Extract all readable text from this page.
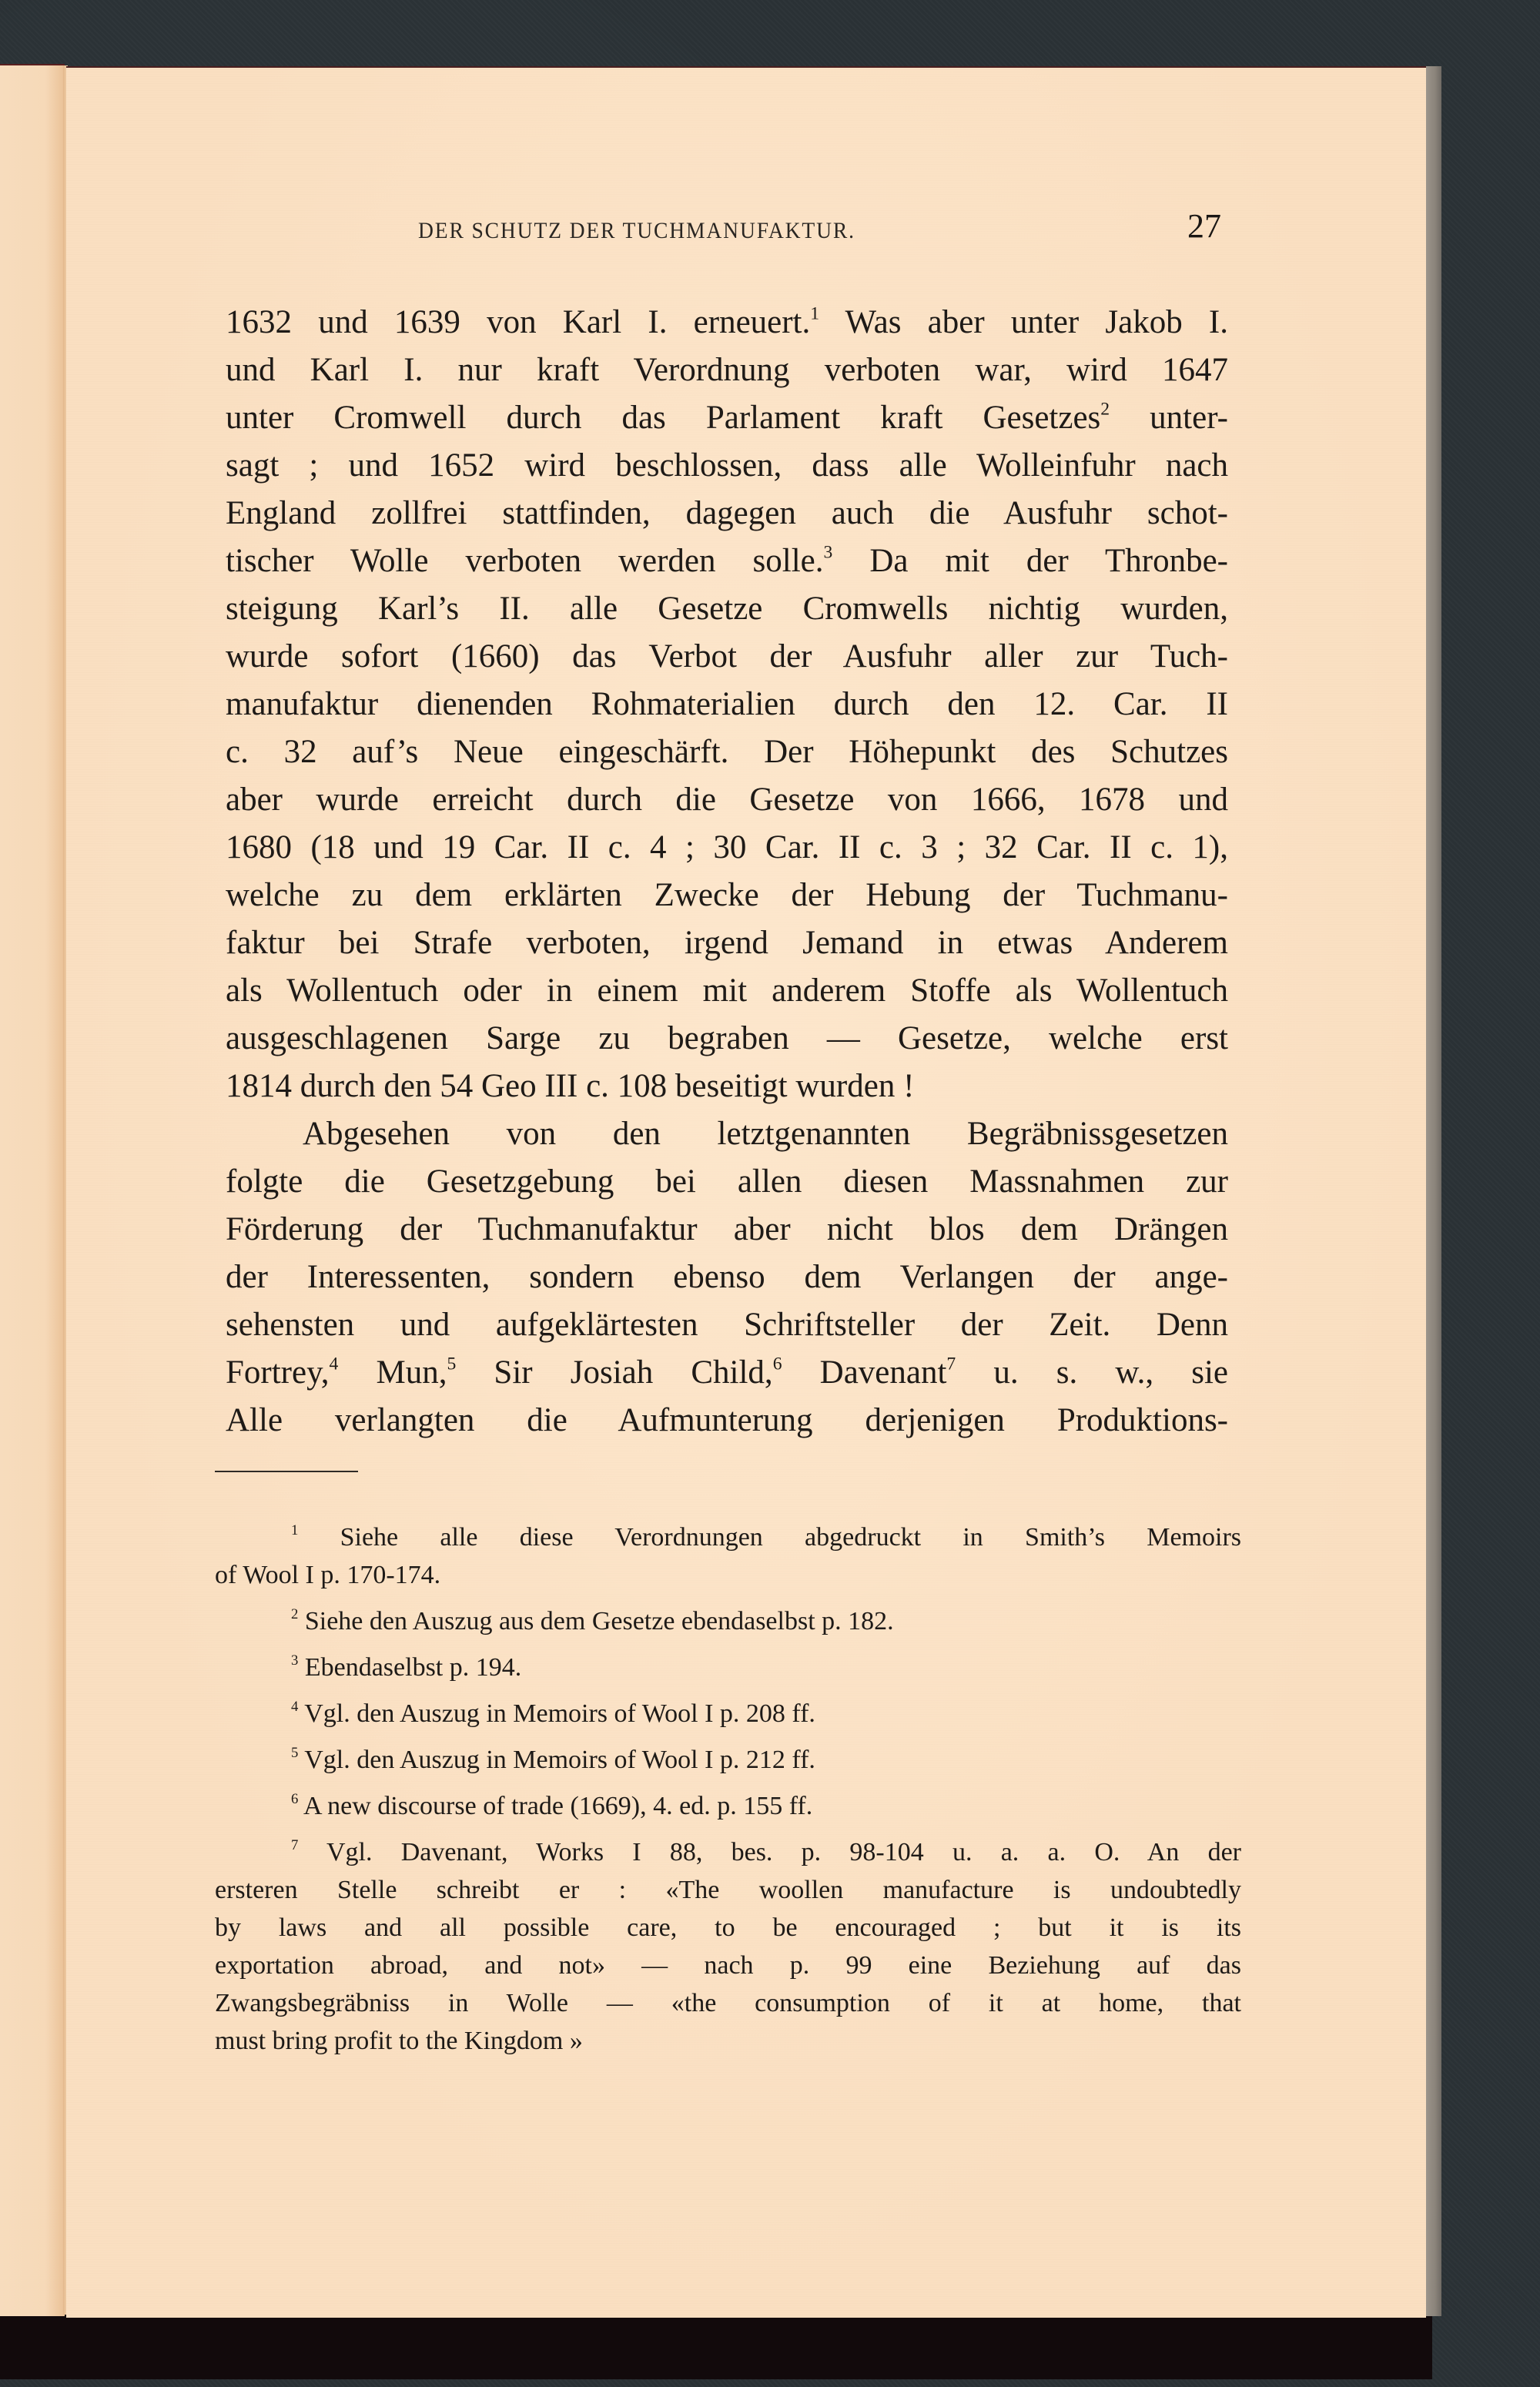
DER SCHUTZ DER TUCHMANUFAKTUR.	27
1632 und 1639 von Karl I. erneuert.$^1$ Was aber unter Jakob I.
und Karl I. nur kraft Verordnung verboten war, wird 1647
unter Cromwell durch das Parlament kraft Gesetzes$^2$ unter-
sagt ; und 1652 wird beschlossen, dass alle Wolleinfuhr nach
England zollfrei stattfinden, dagegen auch die Ausfuhr schot-
tischer Wolle verboten werden solle.$^3$ Da mit der Thronbe-
steigung Karl’s II. alle Gesetze Cromwells nichtig wurden,
wurde sofort (1660) das Verbot der Ausfuhr aller zur Tuch-
manufaktur dienenden Rohmaterialien durch den 12. Car. II
c. 32 auf’s Neue eingeschärft. Der Höhepunkt des Schutzes
aber wurde erreicht durch die Gesetze von 1666, 1678 und
1680 (18 und 19 Car. II c. 4 ; 30 Car. II c. 3 ; 32 Car. II c. 1),
welche zu dem erklärten Zwecke der Hebung der Tuchmanu-
faktur bei Strafe verboten, irgend Jemand in etwas Anderem
als Wollentuch oder in einem mit anderem Stoffe als Wollentuch
ausgeschlagenen Sarge zu begraben — Gesetze, welche erst
1814 durch den 54 Geo III c. 108 beseitigt wurden !
Abgesehen von den letztgenannten Begräbnissgesetzen
folgte die Gesetzgebung bei allen diesen Massnahmen zur
Förderung der Tuchmanufaktur aber nicht blos dem Drängen
der Interessenten, sondern ebenso dem Verlangen der ange-
sehensten und aufgeklärtesten Schriftsteller der Zeit. Denn
Fortrey,$^4$ Mun,$^5$ Sir Josiah Child,$^6$ Davenant$^7$ u. s. w., sie
Alle verlangten die Aufmunterung derjenigen Produktions-
$^1$ Siehe alle diese Verordnungen abgedruckt in Smith’s Memoirs
of Wool I p. 170-174.
$^2$ Siehe den Auszug aus dem Gesetze ebendaselbst p. 182.
$^3$ Ebendaselbst p. 194.
$^4$ Vgl. den Auszug in Memoirs of Wool I p. 208 ff.
$^5$ Vgl. den Auszug in Memoirs of Wool I p. 212 ff.
$^6$ A new discourse of trade (1669), 4. ed. p. 155 ff.
$^7$ Vgl. Davenant, Works I 88, bes. p. 98-104 u. a. a. O. An der
ersteren Stelle schreibt er : «The woollen manufacture is undoubtedly
by laws and all possible care, to be encouraged ; but it is its
exportation abroad, and not» — nach p. 99 eine Beziehung auf das
Zwangsbegräbniss in Wolle — «the consumption of it at home, that
must bring profit to the Kingdom »
